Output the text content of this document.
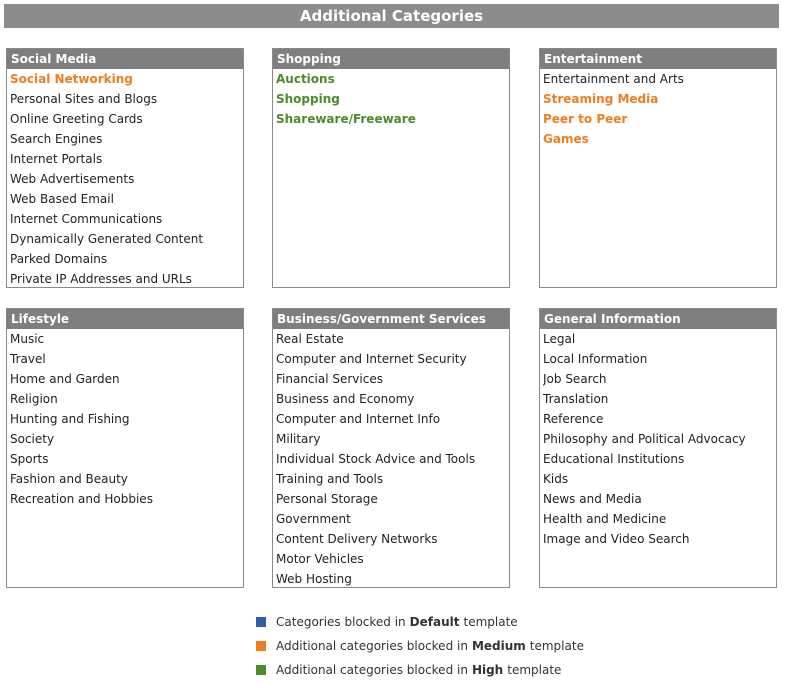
Additional Categories
Social Media
Social Networking
Personal Sites and Blogs
Online Greeting Cards
Search Engines
Internet Portals
Web Advertisements
Web Based Email
Internet Communications
Dynamically Generated Content
Parked Domains
Private IP Addresses and URLs
Shopping
Auctions
Shopping
Shareware/Freeware
Entertainment
Entertainment and Arts
Streaming Media
Peer to Peer
Games
Lifestyle
Music
Travel
Home and Garden
Religion
Hunting and Fishing
Society
Sports
Fashion and Beauty
Recreation and Hobbies
Business/Government Services
Real Estate
Computer and Internet Security
Financial Services
Business and Economy
Computer and Internet Info
Military
Individual Stock Advice and Tools
Training and Tools
Personal Storage
Government
Content Delivery Networks
Motor Vehicles
Web Hosting
General Information
Legal
Local Information
Job Search
Translation
Reference
Philosophy and Political Advocacy
Educational Institutions
Kids
News and Media
Health and Medicine
Image and Video Search
Categories blocked in Default template
Additional categories blocked in Medium template
Additional categories blocked in High template
